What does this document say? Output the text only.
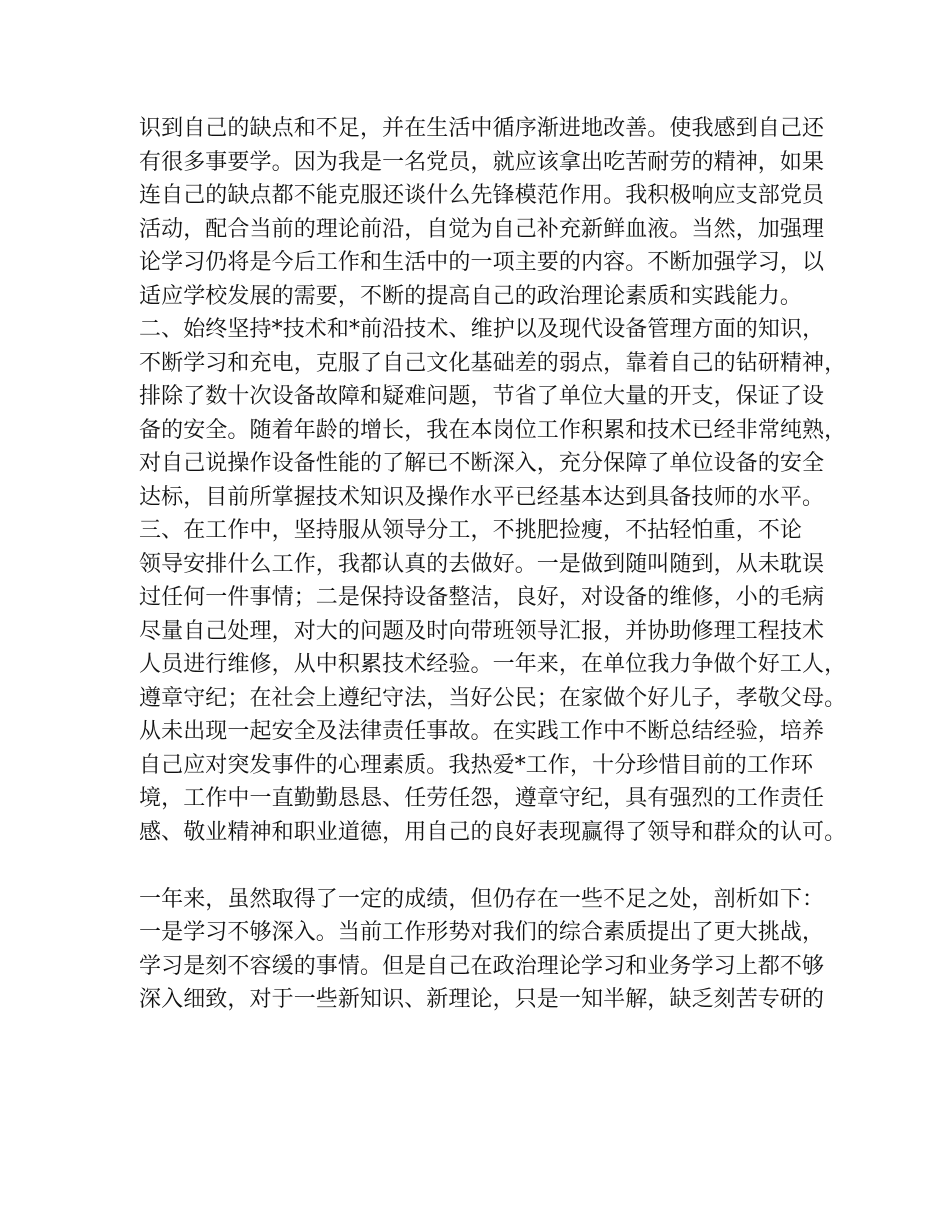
识到自己的缺点和不足，并在生活中循序渐进地改善。使我感到自己还
有很多事要学。因为我是一名党员，就应该拿出吃苦耐劳的精神，如果
连自己的缺点都不能克服还谈什么先锋模范作用。我积极响应支部党员
活动，配合当前的理论前沿，自觉为自己补充新鲜血液。当然，加强理
论学习仍将是今后工作和生活中的一项主要的内容。不断加强学习，以
适应学校发展的需要，不断的提高自己的政治理论素质和实践能力。
二、始终坚持*技术和*前沿技术、维护以及现代设备管理方面的知识，
不断学习和充电，克服了自己文化基础差的弱点，靠着自己的钻研精神，
排除了数十次设备故障和疑难问题，节省了单位大量的开支，保证了设
备的安全。随着年龄的增长，我在本岗位工作积累和技术已经非常纯熟，
对自己说操作设备性能的了解已不断深入，充分保障了单位设备的安全
达标，目前所掌握技术知识及操作水平已经基本达到具备技师的水平。
三、在工作中，坚持服从领导分工，不挑肥捡瘦，不拈轻怕重，不论
领导安排什么工作，我都认真的去做好。一是做到随叫随到，从未耽误
过任何一件事情；二是保持设备整洁，良好，对设备的维修，小的毛病
尽量自己处理，对大的问题及时向带班领导汇报，并协助修理工程技术
人员进行维修，从中积累技术经验。一年来，在单位我力争做个好工人，
遵章守纪；在社会上遵纪守法，当好公民；在家做个好儿子，孝敬父母。
从未出现一起安全及法律责任事故。在实践工作中不断总结经验，培养
自己应对突发事件的心理素质。我热爱*工作，十分珍惜目前的工作环
境，工作中一直勤勤恳恳、任劳任怨，遵章守纪，具有强烈的工作责任
感、敬业精神和职业道德，用自己的良好表现赢得了领导和群众的认可。
一年来，虽然取得了一定的成绩，但仍存在一些不足之处，剖析如下：
一是学习不够深入。当前工作形势对我们的综合素质提出了更大挑战，
学习是刻不容缓的事情。但是自己在政治理论学习和业务学习上都不够
深入细致，对于一些新知识、新理论，只是一知半解，缺乏刻苦专研的
